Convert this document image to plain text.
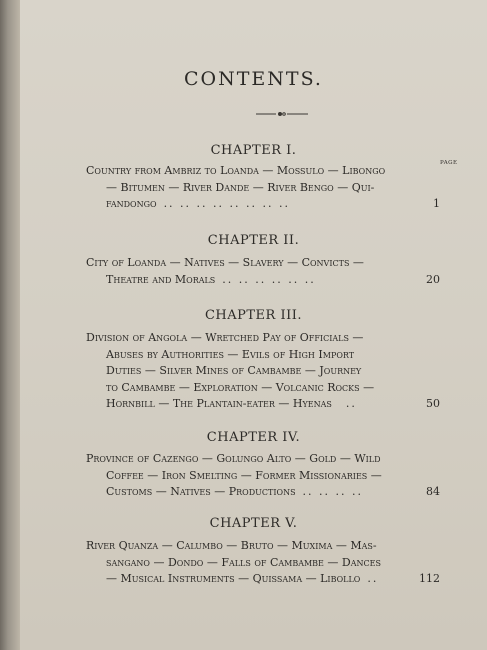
CONTENTS.
PAGE
CHAPTER I.
Country from Ambriz to Loanda — Mossulo — Libongo
— Bitumen — River Dande — River Bengo — Qui-
fandongo .. .. .. .. .. .. .. ..	1
CHAPTER II.
City of Loanda — Natives — Slavery — Convicts —
Theatre and Morals .. .. .. .. .. ..	20
CHAPTER III.
Division of Angola — Wretched Pay of Officials —
Abuses by Authorities — Evils of High Import
Duties — Silver Mines of Cambambe — Journey
to Cambambe — Exploration — Volcanic Rocks —
Hornbill — The Plantain-eater — Hyenas ..	50
CHAPTER IV.
Province of Cazengo — Golungo Alto — Gold — Wild
Coffee — Iron Smelting — Former Missionaries —
Customs — Natives — Productions .. .. .. ..	84
CHAPTER V.
River Quanza — Calumbo — Bruto — Muxima — Mas-
sangano — Dondo — Falls of Cambambe — Dances
— Musical Instruments — Quissama — Libollo ..	112
